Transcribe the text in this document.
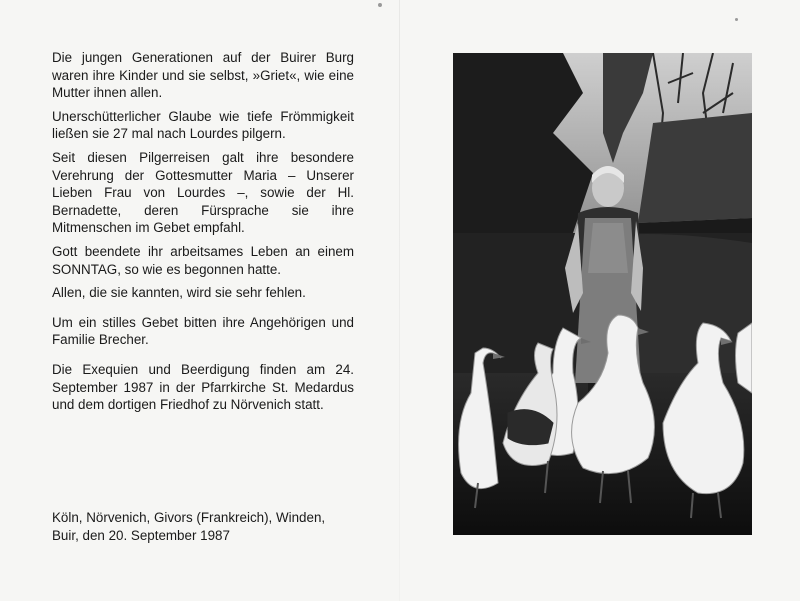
Die jungen Generationen auf der Buirer Burg waren ihre Kinder und sie selbst, »Griet«, wie eine Mutter ihnen allen.

Unerschütterlicher Glaube wie tiefe Frömmigkeit ließen sie 27 mal nach Lourdes pilgern.

Seit diesen Pilgerreisen galt ihre besondere Verehrung der Gottesmutter Maria – Unserer Lieben Frau von Lourdes –, sowie der Hl. Bernadette, deren Fürsprache sie ihre Mitmenschen im Gebet empfahl.

Gott beendete ihr arbeitsames Leben an einem SONNTAG, so wie es begonnen hatte.

Allen, die sie kannten, wird sie sehr fehlen.

Um ein stilles Gebet bitten ihre Angehörigen und Familie Brecher.

Die Exequien und Beerdigung finden am 24. September 1987 in der Pfarrkirche St. Medardus und dem dortigen Friedhof zu Nörvenich statt.

Köln, Nörvenich, Givors (Frankreich), Winden, Buir, den 20. September 1987
